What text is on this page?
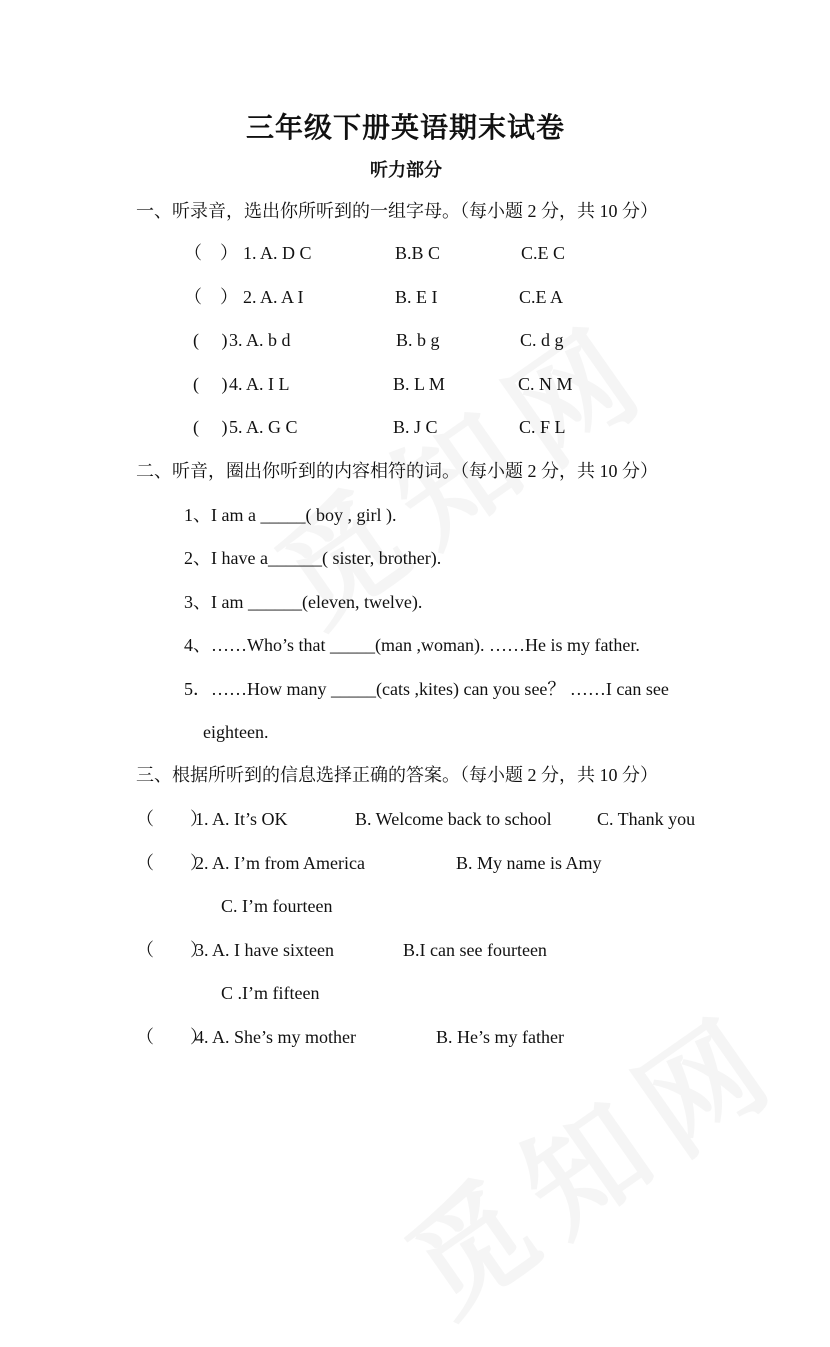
三年级下册英语期末试卷
听力部分
一、听录音，选出你所听到的一组字母。（每小题 2 分，共 10 分）
（　） 1. A. D C	B.B C	C.E C
（　） 2. A. A I	B. E I	C.E A
(　 ) 3. A. b d	B. b g	C. d g
(　 ) 4. A. I L	B. L M	C. N M
(　 ) 5. A. G C	B. J C	C. F L
二、听音，圈出你听到的内容相符的词。（每小题 2 分，共 10 分）
1、I am a _____( boy , girl ).
2、I have a______( sister, brother).
3、I am ______(eleven, twelve).
4、……Who’s that _____(man ,woman). ……He is my father.
5．……How many _____(cats ,kites) can you see？ ……I can see
eighteen.
三、根据所听到的信息选择正确的答案。（每小题 2 分，共 10 分）
（　　）
1. A. It’s OK	B. Welcome back to school	C. Thank you
（　　）
2. A. I’m from America	B. My name is Amy
C. I’m fourteen
（　　）
3. A. I have sixteen	B.I can see fourteen
C .I’m fifteen
（　　）
4. A. She’s my mother	B. He’s my father
